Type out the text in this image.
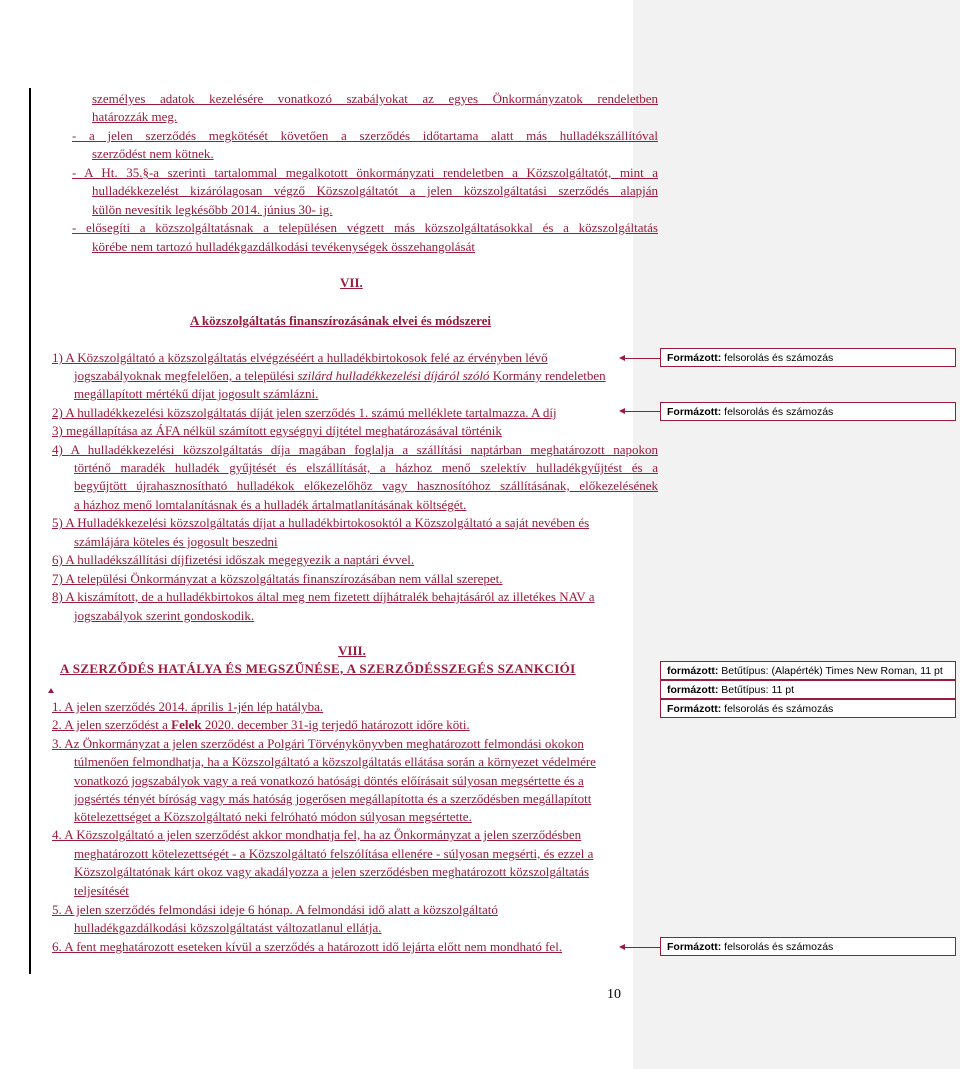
személyes adatok kezelésére vonatkozó szabályokat az egyes Önkormányzatok rendeletben
határozzák meg.
- a jelen szerződés megkötését követően a szerződés időtartama alatt más hulladékszállítóval
szerződést nem kötnek.
- A Ht. 35.§-a szerinti tartalommal megalkotott önkormányzati rendeletben a Közszolgáltatót, mint a
hulladékkezelést kizárólagosan végző Közszolgáltatót a jelen közszolgáltatási szerződés alapján
külön nevesítik legkésőbb 2014. június 30- ig.
- elősegíti a közszolgáltatásnak a településen végzett más közszolgáltatásokkal és a közszolgáltatás
körébe nem tartozó hulladékgazdálkodási tevékenységek összehangolását
VII.
A közszolgáltatás finanszírozásának elvei és módszerei
1) A Közszolgáltató a közszolgáltatás elvégzéséért a hulladékbirtokosok felé az érvényben lévő
jogszabályoknak megfelelően, a települési szilárd hulladékkezelési díjáról szóló Kormány rendeletben
megállapított mértékű díjat jogosult számlázni.
2) A hulladékkezelési közszolgáltatás díját jelen szerződés 1. számú melléklete tartalmazza. A díj
3) megállapítása az ÁFA nélkül számított egységnyi díjtétel meghatározásával történik
4) A hulladékkezelési közszolgáltatás díja magában foglalja a szállítási naptárban meghatározott napokon
történő maradék hulladék gyűjtését és elszállítását, a házhoz menő szelektív hulladékgyűjtést és a
begyűjtött újrahasznosítható hulladékok előkezelőhöz vagy hasznosítóhoz szállításának, előkezelésének
a házhoz menő lomtalanításnak és a hulladék ártalmatlanításának költségét.
5) A Hulladékkezelési közszolgáltatás díjat a hulladékbirtokosoktól a Közszolgáltató a saját nevében és
számlájára köteles és jogosult beszedni
6) A hulladékszállítási díjfizetési időszak megegyezik a naptári évvel.
7) A települési Önkormányzat a közszolgáltatás finanszírozásában nem vállal szerepet.
8) A kiszámított, de a hulladékbirtokos által meg nem fizetett díjhátralék behajtásáról az illetékes NAV a
jogszabályok szerint gondoskodik.
VIII.
A SZERZŐDÉS HATÁLYA ÉS MEGSZŰNÉSE, A SZERZŐDÉSSZEGÉS SZANKCIÓI
1. A jelen szerződés 2014. április 1-jén lép hatályba.
2. A jelen szerződést a Felek 2020. december 31-ig terjedő határozott időre köti.
3. Az Önkormányzat a jelen szerződést a Polgári Törvénykönyvben meghatározott felmondási okokon
túlmenően felmondhatja, ha a Közszolgáltató a közszolgáltatás ellátása során a környezet védelmére
vonatkozó jogszabályok vagy a reá vonatkozó hatósági döntés előírásait súlyosan megsértette és a
jogsértés tényét bíróság vagy más hatóság jogerősen megállapította és a szerződésben megállapított
kötelezettséget a Közszolgáltató neki felróható módon súlyosan megsértette.
4. A Közszolgáltató a jelen szerződést akkor mondhatja fel, ha az Önkormányzat a jelen szerződésben
meghatározott kötelezettségét - a Közszolgáltató felszólítása ellenére - súlyosan megsérti, és ezzel a
Közszolgáltatónak kárt okoz vagy akadályozza a jelen szerződésben meghatározott közszolgáltatás
teljesítését
5. A jelen szerződés felmondási ideje 6 hónap. A felmondási idő alatt a közszolgáltató
hulladékgazdálkodási közszolgáltatást változatlanul ellátja.
6. A fent meghatározott eseteken kívül a szerződés a határozott idő lejárta előtt nem mondható fel.
Formázott: felsorolás és számozás
Formázott: felsorolás és számozás
formázott: Betűtípus: (Alapérték) Times New Roman, 11 pt
formázott: Betűtípus: 11 pt
Formázott: felsorolás és számozás
Formázott: felsorolás és számozás
10
